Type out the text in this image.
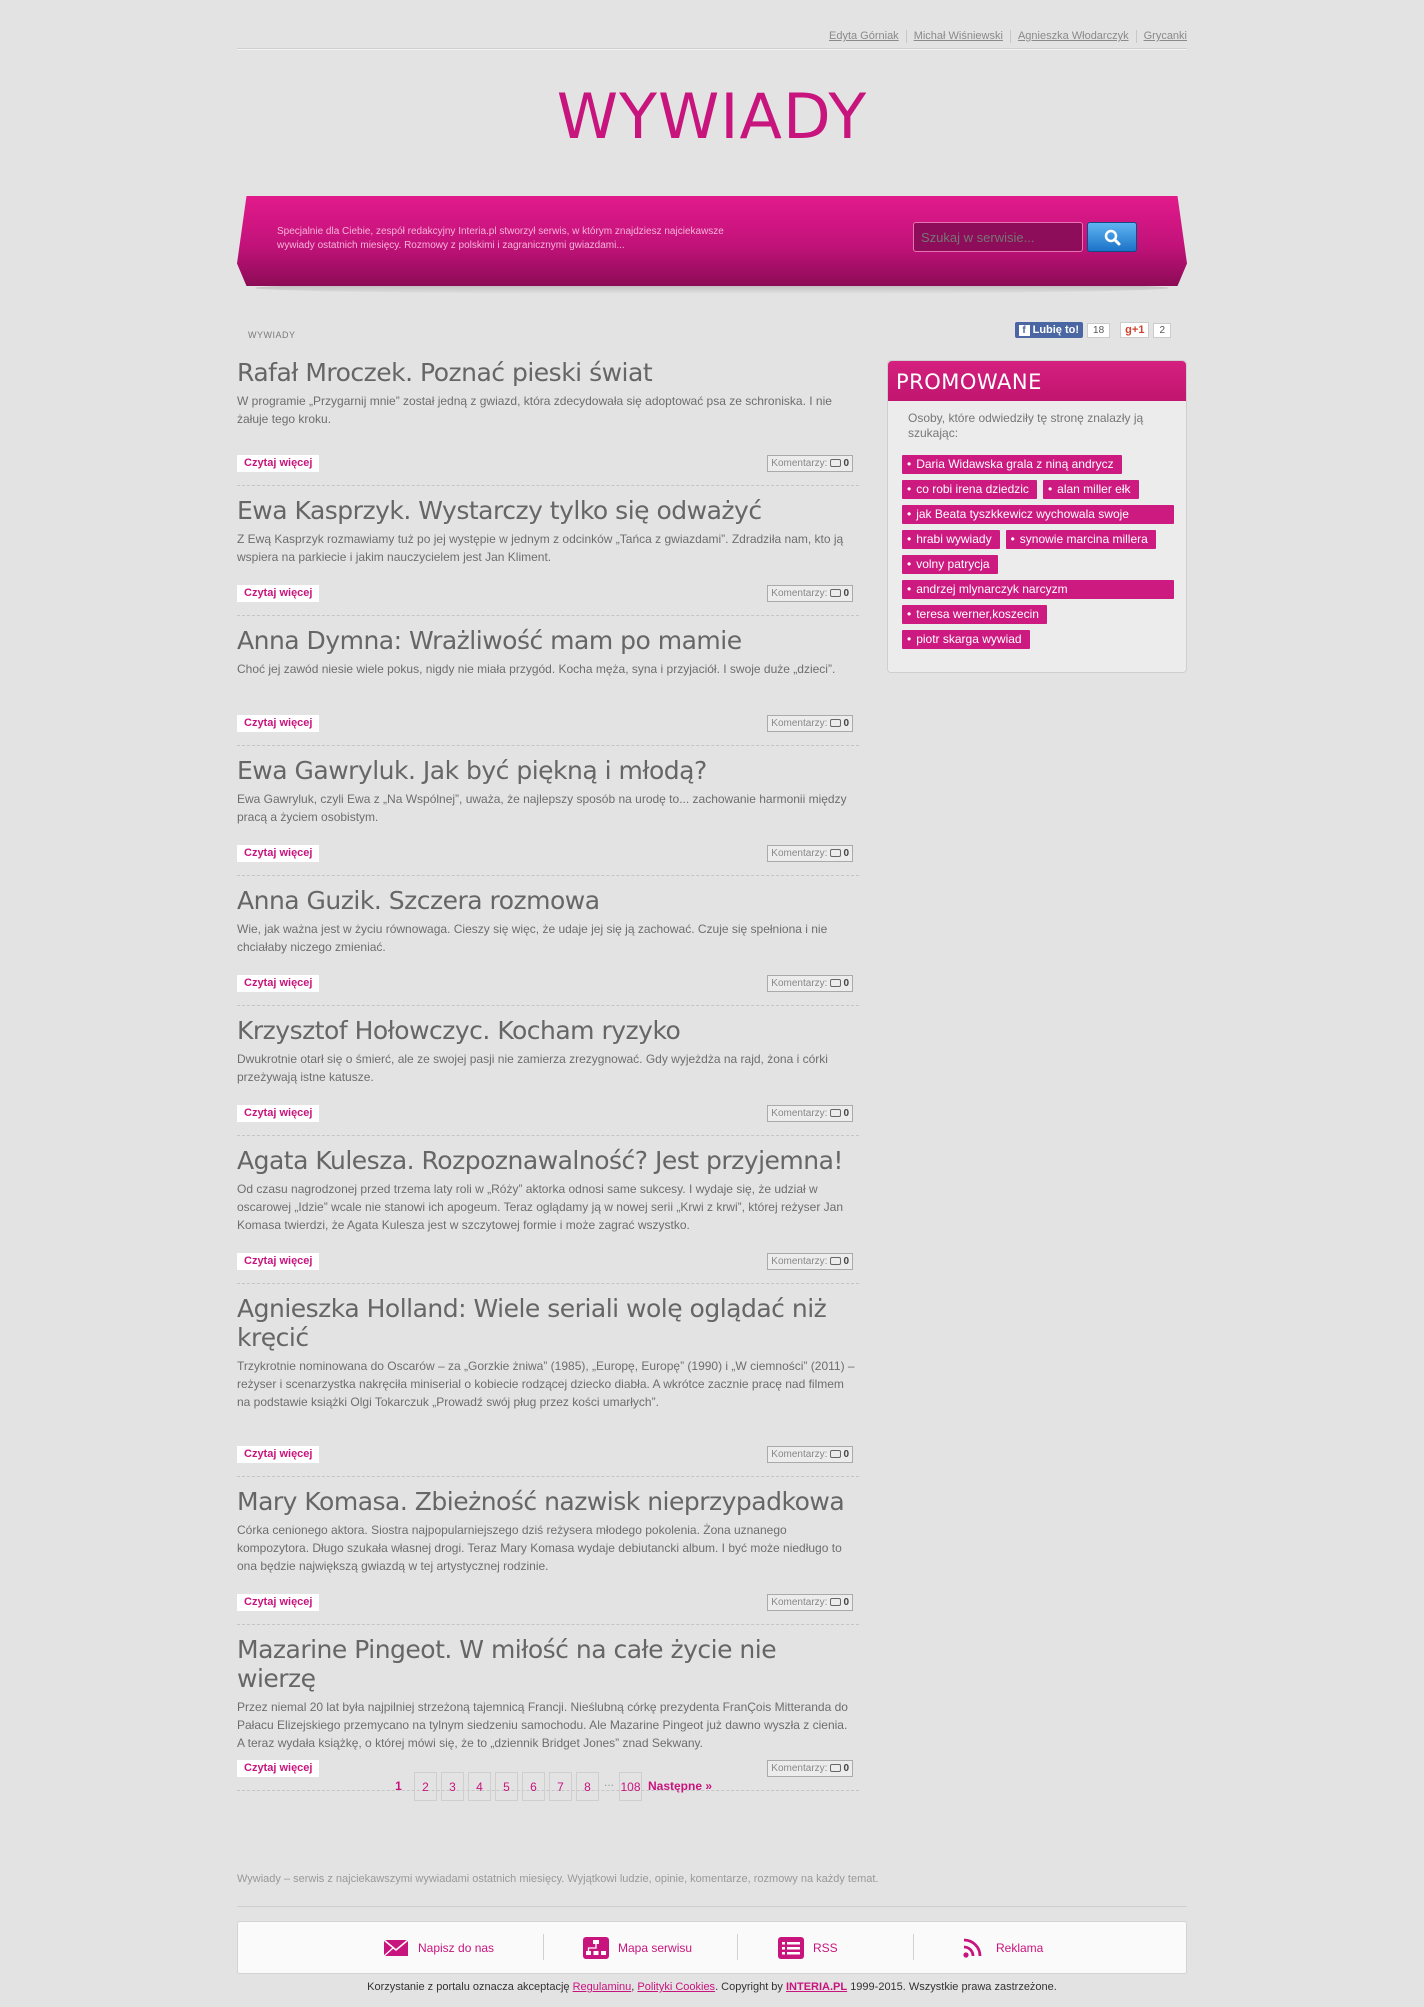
Edyta Górniak	Michał Wiśniewski	Agnieszka Włodarczyk	Grycanki
WYWIADY
Specjalnie dla Ciebie, zespół redakcyjny Interia.pl stworzył serwis, w którym znajdziesz najciekawsze wywiady ostatnich miesięcy. Rozmowy z polskimi i zagranicznymi gwiazdami...
Szukaj w serwisie...
WYWIADY	f Lubię to!	18	g+1	2
Rafał Mroczek. Poznać pieski świat

W programie „Przygarnij mnie” został jedną z gwiazd, która zdecydowała się adoptować psa ze schroniska. I nie żałuje tego kroku.

Czytaj więcej	Komentarzy: 0
Ewa Kasprzyk. Wystarczy tylko się odważyć

Z Ewą Kasprzyk rozmawiamy tuż po jej występie w jednym z odcinków „Tańca z gwiazdami”. Zdradziła nam, kto ją wspiera na parkiecie i jakim nauczycielem jest Jan Kliment.

Czytaj więcej	Komentarzy: 0
Anna Dymna: Wrażliwość mam po mamie

Choć jej zawód niesie wiele pokus, nigdy nie miała przygód. Kocha męża, syna i przyjaciół. I swoje duże „dzieci”.

Czytaj więcej	Komentarzy: 0
Ewa Gawryluk. Jak być piękną i młodą?

Ewa Gawryluk, czyli Ewa z „Na Wspólnej”, uważa, że najlepszy sposób na urodę to... zachowanie harmonii między pracą a życiem osobistym.

Czytaj więcej	Komentarzy: 0
Anna Guzik. Szczera rozmowa

Wie, jak ważna jest w życiu równowaga. Cieszy się więc, że udaje jej się ją zachować. Czuje się spełniona i nie chciałaby niczego zmieniać.

Czytaj więcej	Komentarzy: 0
Krzysztof Hołowczyc. Kocham ryzyko

Dwukrotnie otarł się o śmierć, ale ze swojej pasji nie zamierza zrezygnować. Gdy wyjeżdża na rajd, żona i córki przeżywają istne katusze.

Czytaj więcej	Komentarzy: 0
Agata Kulesza. Rozpoznawalność? Jest przyjemna!

Od czasu nagrodzonej przed trzema laty roli w „Róży” aktorka odnosi same sukcesy. I wydaje się, że udział w oscarowej „Idzie” wcale nie stanowi ich apogeum. Teraz oglądamy ją w nowej serii „Krwi z krwi”, której reżyser Jan Komasa twierdzi, że Agata Kulesza jest w szczytowej formie i może zagrać wszystko.

Czytaj więcej	Komentarzy: 0
Agnieszka Holland: Wiele seriali wolę oglądać niż kręcić

Trzykrotnie nominowana do Oscarów – za „Gorzkie żniwa” (1985), „Europę, Europę” (1990) i „W ciemności” (2011) – reżyser i scenarzystka nakręciła miniserial o kobiecie rodzącej dziecko diabła. A wkrótce zacznie pracę nad filmem na podstawie książki Olgi Tokarczuk „Prowadź swój pług przez kości umarłych”.

Czytaj więcej	Komentarzy: 0
Mary Komasa. Zbieżność nazwisk nieprzypadkowa

Córka cenionego aktora. Siostra najpopularniejszego dziś reżysera młodego pokolenia. Żona uznanego kompozytora. Długo szukała własnej drogi. Teraz Mary Komasa wydaje debiutancki album. I być może niedługo to ona będzie największą gwiazdą w tej artystycznej rodzinie.

Czytaj więcej	Komentarzy: 0
Mazarine Pingeot. W miłość na całe życie nie wierzę

Przez niemal 20 lat była najpilniej strzeżoną tajemnicą Francji. Nieślubną córkę prezydenta FranÇois Mitteranda do Pałacu Elizejskiego przemycano na tylnym siedzeniu samochodu. Ale Mazarine Pingeot już dawno wyszła z cienia. A teraz wydała książkę, o której mówi się, że to „dziennik Bridget Jones” znad Sekwany.

Czytaj więcej	Komentarzy: 0
1	2	3	4	5	6	7	8	... 108 Następne »
PROMOWANE
Osoby, które odwiedziły tę stronę znalazły ją szukając:
• Daria Widawska grala z niną andrycz
• co robi irena dziedzic	• alan miller ełk
• jak Beata tyszkkewicz wychowala swoje
• hrabi wywiady	• synowie marcina millera
• volny patrycja
• andrzej mlynarczyk narcyzm
• teresa werner,koszecin
• piotr skarga wywiad
Wywiady – serwis z najciekawszymi wywiadami ostatnich miesięcy. Wyjątkowi ludzie, opinie, komentarze, rozmowy na każdy temat.
Napisz do nas	Mapa serwisu	RSS	Reklama
Korzystanie z portalu oznacza akceptację Regulaminu, Polityki Cookies. Copyright by INTERIA.PL 1999-2015. Wszystkie prawa zastrzeżone.
